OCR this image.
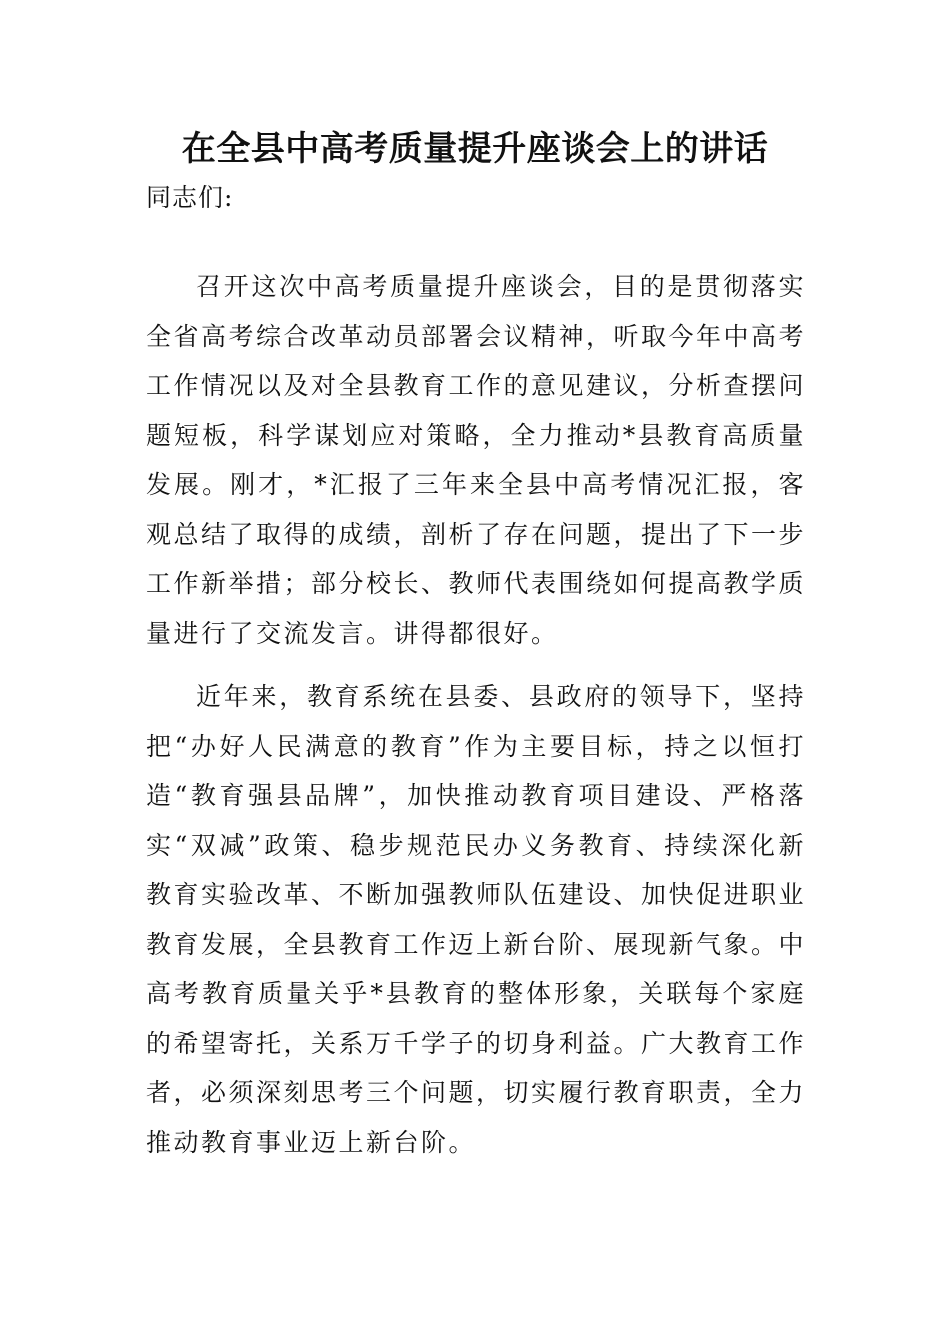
在全县中高考质量提升座谈会上的讲话

同志们:

召开这次中高考质量提升座谈会，目的是贯彻落实全省高考综合改革动员部署会议精神，听取今年中高考工作情况以及对全县教育工作的意见建议，分析查摆问题短板，科学谋划应对策略，全力推动*县教育高质量发展。刚才，*汇报了三年来全县中高考情况汇报，客观总结了取得的成绩，剖析了存在问题，提出了下一步工作新举措；部分校长、教师代表围绕如何提高教学质量进行了交流发言。讲得都很好。

近年来，教育系统在县委、县政府的领导下，坚持把“办好人民满意的教育”作为主要目标，持之以恒打造“教育强县品牌”，加快推动教育项目建设、严格落实“双减”政策、稳步规范民办义务教育、持续深化新教育实验改革、不断加强教师队伍建设、加快促进职业教育发展，全县教育工作迈上新台阶、展现新气象。中高考教育质量关乎*县教育的整体形象，关联每个家庭的希望寄托，关系万千学子的切身利益。广大教育工作者，必须深刻思考三个问题，切实履行教育职责，全力推动教育事业迈上新台阶。
